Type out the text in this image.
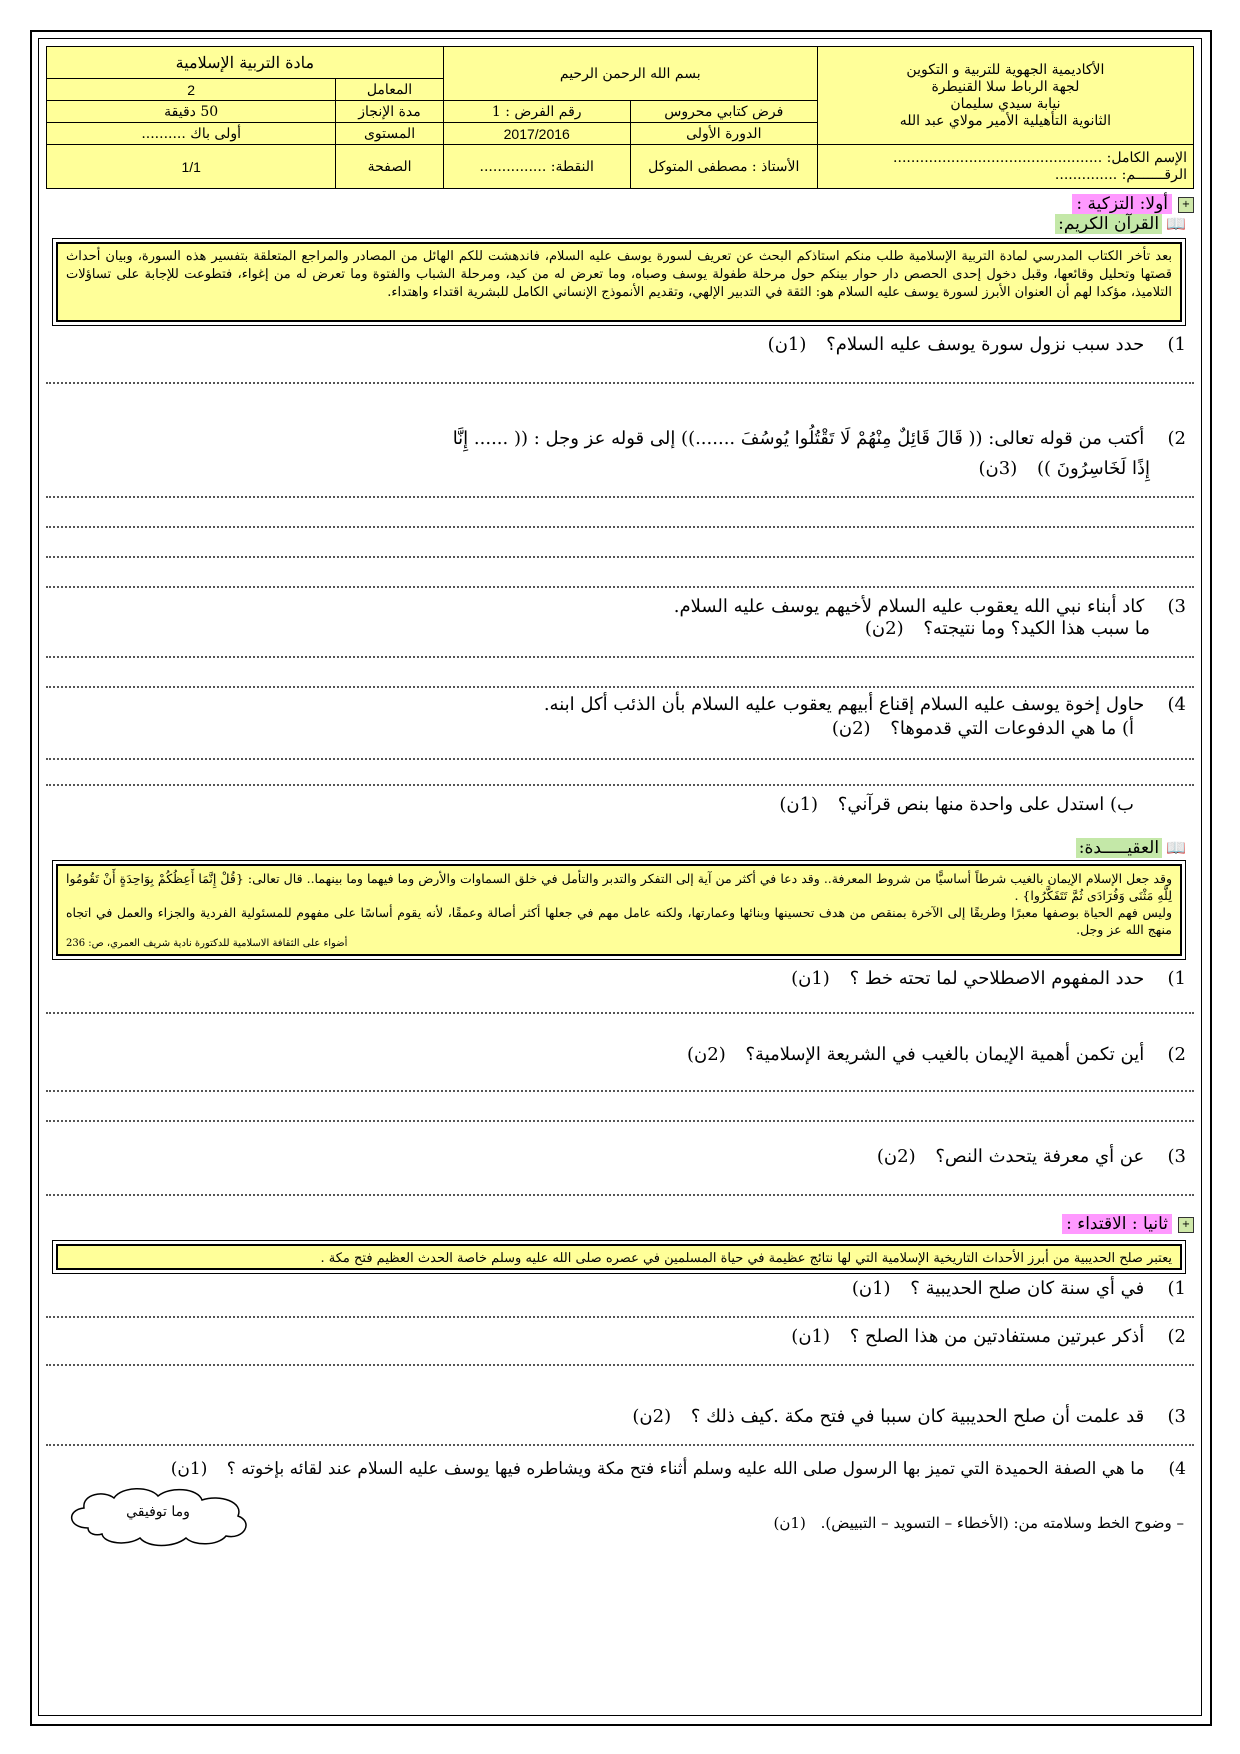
الأكاديمية الجهوية للتربية و التكوين
لجهة الرباط سلا القنيطرة
نيابة سيدي سليمان
الثانوية التأهيلية الأمير مولاي عبد الله	بسم الله الرحمن الرحيم		مادة التربية الإسلامية	
			المعامل	2
	فرض كتابي محروس	رقم الفرض : 1	مدة الإنجاز	50 دقيقة
	الدورة الأولى	2017/2016	المستوى	أولى باك ..........

الإسم الكامل: ...............................................
الرقـــــــم: ..............	الأستاذ : مصطفى المتوكل	النقطة: ...............	الصفحة	1/1
+أولا: التزكية :
📖القرآن الكريم:
بعد تأخر الكتاب المدرسي لمادة التربية الإسلامية طلب منكم استاذكم البحث عن تعريف لسورة يوسف عليه السلام، فاندهشت للكم الهائل من المصادر والمراجع المتعلقة بتفسير هذه السورة، وبيان أحداث قصتها وتحليل وقائعها، وقبل دخول إحدى الحصص دار حوار بينكم حول مرحلة طفولة يوسف وصباه، وما تعرض له من كيد، ومرحلة الشباب والفتوة وما تعرض له من إغواء، فتطوعت للإجابة على تساؤلات التلاميذ، مؤكدا لهم أن العنوان الأبرز لسورة يوسف عليه السلام هو: الثقة في التدبير الإلهي، وتقديم الأنموذج الإنساني الكامل للبشرية اقتداء واهتداء.
1) حدد سبب نزول سورة يوسف عليه السلام؟ (1ن)
2) أكتب من قوله تعالى: (( قَالَ قَائِلٌ مِنْهُمْ لَا تَقْتُلُوا يُوسُفَ .......)) إلى قوله عز وجل : (( ...... إِنَّا
إِذًا لَخَاسِرُونَ )) (3ن)
3) كاد أبناء نبي الله يعقوب عليه السلام لأخيهم يوسف عليه السلام.
ما سبب هذا الكيد؟ وما نتيجته؟ (2ن)
4) حاول إخوة يوسف عليه السلام إقناع أبيهم يعقوب عليه السلام بأن الذئب أكل ابنه.
أ) ما هي الدفوعات التي قدموها؟ (2ن)
ب) استدل على واحدة منها بنص قرآني؟ (1ن)
📖العقيـــــدة:
وقد جعل الإسلام الإيمان بالغيب شرطاً أساسيًّا من شروط المعرفة.. وقد دعا في أكثر من آية إلى التفكر والتدبر والتأمل في خلق السماوات والأرض وما فيهما وما بينهما.. قال تعالى: {قُلْ إِنَّمَا أَعِظُكُمْ بِوَاحِدَةٍ أَنْ تَقُومُوا لِلَّهِ مَثْنَى وَفُرَادَى ثُمَّ تَتَفَكَّرُوا} .
وليس فهم الحياة بوصفها معبرًا وطريقًا إلى الآخرة بمنقص من هدف تحسينها وبنائها وعمارتها، ولكنه عامل مهم في جعلها أكثر أصالة وعمقًا، لأنه يقوم أساسًا على مفهوم للمسئولية الفردية والجزاء والعمل في اتجاه منهج الله عز وجل.
أضواء على الثقافة الاسلامية للدكتورة نادية شريف العمري، ص: 236
1) حدد المفهوم الاصطلاحي لما تحته خط ؟ (1ن)
2) أين تكمن أهمية الإيمان بالغيب في الشريعة الإسلامية؟ (2ن)
3) عن أي معرفة يتحدث النص؟ (2ن)
+ثانيا : الاقتداء :
يعتبر صلح الحديبية من أبرز الأحداث التاريخية الإسلامية التي لها نتائج عظيمة في حياة المسلمين في عصره صلى الله عليه وسلم خاصة الحدث العظيم فتح مكة .
1) في أي سنة كان صلح الحديبية ؟ (1ن)
2) أذكر عبرتين مستفادتين من هذا الصلح ؟ (1ن)
3) قد علمت أن صلح الحديبية كان سببا في فتح مكة .كيف ذلك ؟ (2ن)
4) ما هي الصفة الحميدة التي تميز بها الرسول صلى الله عليه وسلم أثناء فتح مكة ويشاطره فيها يوسف عليه السلام عند لقائه بإخوته ؟ (1ن)
– وضوح الخط وسلامته من: (الأخطاء – التسويد – التبييض). (1ن)
وما توفيقي
